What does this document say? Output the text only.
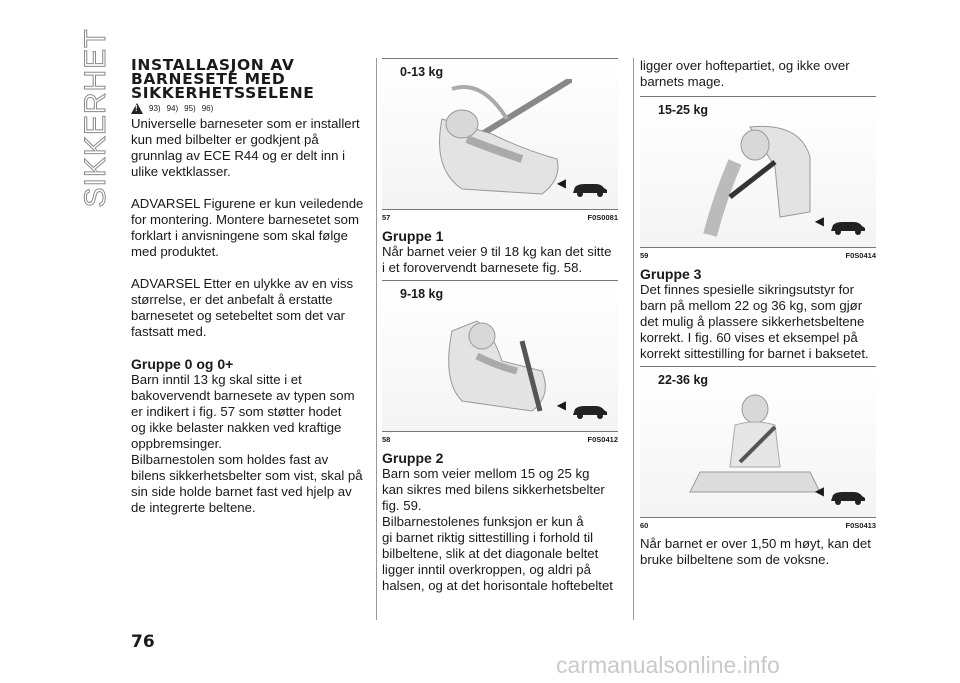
SIKKERHET INSTALLASJON AV
BARNESETE MED
SIKKERHETSSELENE
!
93) 94) 95) 96)

Universelle barneseter som er installert
kun med bilbelter er godkjent på
grunnlag av ECE R44 og er delt inn i
ulike vektklasser.

ADVARSEL Figurene er kun veiledende
for montering. Montere barnesetet som
forklart i anvisningene som skal følge
med produktet.

ADVARSEL Etter en ulykke av en viss
størrelse, er det anbefalt å erstatte
barnesetet og setebeltet som det var
fastsatt med.

Gruppe 0 og 0+

Barn inntil 13 kg skal sitte i et
bakovervendt barnesete av typen som
er indikert i fig. 57 som støtter hodet
og ikke belaster nakken ved kraftige
oppbremsinger.
Bilbarnestolen som holdes fast av
bilens sikkerhetsbelter som vist, skal på
sin side holde barnet fast ved hjelp av
de integrerte beltene.

0-13 kg
◀
57	F0S0081
Gruppe 1

Når barnet veier 9 til 18 kg kan det sitte
i et forovervendt barnesete fig. 58.

9-18 kg
◀
58	F0S0412
Gruppe 2

Barn som veier mellom 15 og 25 kg
kan sikres med bilens sikkerhetsbelter
fig. 59.
Bilbarnestolenes funksjon er kun å
gi barnet riktig sittestilling i forhold til
bilbeltene, slik at det diagonale beltet
ligger inntil overkroppen, og aldri på
halsen, og at det horisontale hoftebeltet

ligger over hoftepartiet, og ikke over
barnets mage.

15-25 kg
◀
59	F0S0414
Gruppe 3

Det finnes spesielle sikringsutstyr for
barn på mellom 22 og 36 kg, som gjør
det mulig å plassere sikkerhetsbeltene
korrekt. I fig. 60 vises et eksempel på
korrekt sittestilling for barnet i baksetet.

22-36 kg
◀
60	F0S0413

Når barnet er over 1,50 m høyt, kan det
bruke bilbeltene som de voksne.

76
carmanualsonline.info
